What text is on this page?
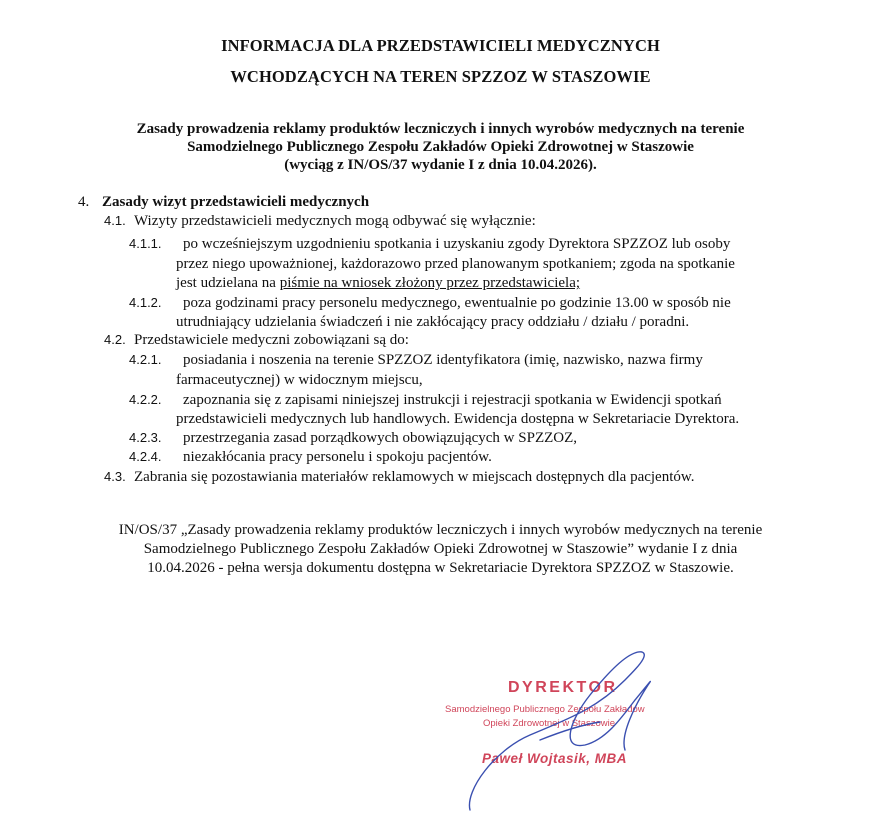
INFORMACJA DLA PRZEDSTAWICIELI MEDYCZNYCH
WCHODZĄCYCH NA TEREN SPZZOZ W STASZOWIE
Zasady prowadzenia reklamy produktów leczniczych i innych wyrobów medycznych na terenie
Samodzielnego Publicznego Zespołu Zakładów Opieki Zdrowotnej w Staszowie
(wyciąg z IN/OS/37 wydanie I z dnia 10.04.2026).
4. Zasady wizyt przedstawicieli medycznych
4.1. Wizyty przedstawicieli medycznych mogą odbywać się wyłącznie:
4.1.1. po wcześniejszym uzgodnieniu spotkania i uzyskaniu zgody Dyrektora SPZZOZ lub osoby
przez niego upoważnionej, każdorazowo przed planowanym spotkaniem; zgoda na spotkanie
jest udzielana na piśmie na wniosek złożony przez przedstawiciela;
4.1.2. poza godzinami pracy personelu medycznego, ewentualnie po godzinie 13.00 w sposób nie
utrudniający udzielania świadczeń i nie zakłócający pracy oddziału / działu / poradni.
4.2. Przedstawiciele medyczni zobowiązani są do:
4.2.1. posiadania i noszenia na terenie SPZZOZ identyfikatora (imię, nazwisko, nazwa firmy
farmaceutycznej) w widocznym miejscu,
4.2.2. zapoznania się z zapisami niniejszej instrukcji i rejestracji spotkania w Ewidencji spotkań
przedstawicieli medycznych lub handlowych. Ewidencja dostępna w Sekretariacie Dyrektora.
4.2.3. przestrzegania zasad porządkowych obowiązujących w SPZZOZ,
4.2.4. niezakłócania pracy personelu i spokoju pacjentów.
4.3. Zabrania się pozostawiania materiałów reklamowych w miejscach dostępnych dla pacjentów.
IN/OS/37 „Zasady prowadzenia reklamy produktów leczniczych i innych wyrobów medycznych na terenie
Samodzielnego Publicznego Zespołu Zakładów Opieki Zdrowotnej w Staszowie” wydanie I z dnia
10.04.2026 - pełna wersja dokumentu dostępna w Sekretariacie Dyrektora SPZZOZ w Staszowie.
DYREKTOR
Samodzielnego Publicznego Zespołu Zakładów
Opieki Zdrowotnej w Staszowie
Paweł Wojtasik, MBA
